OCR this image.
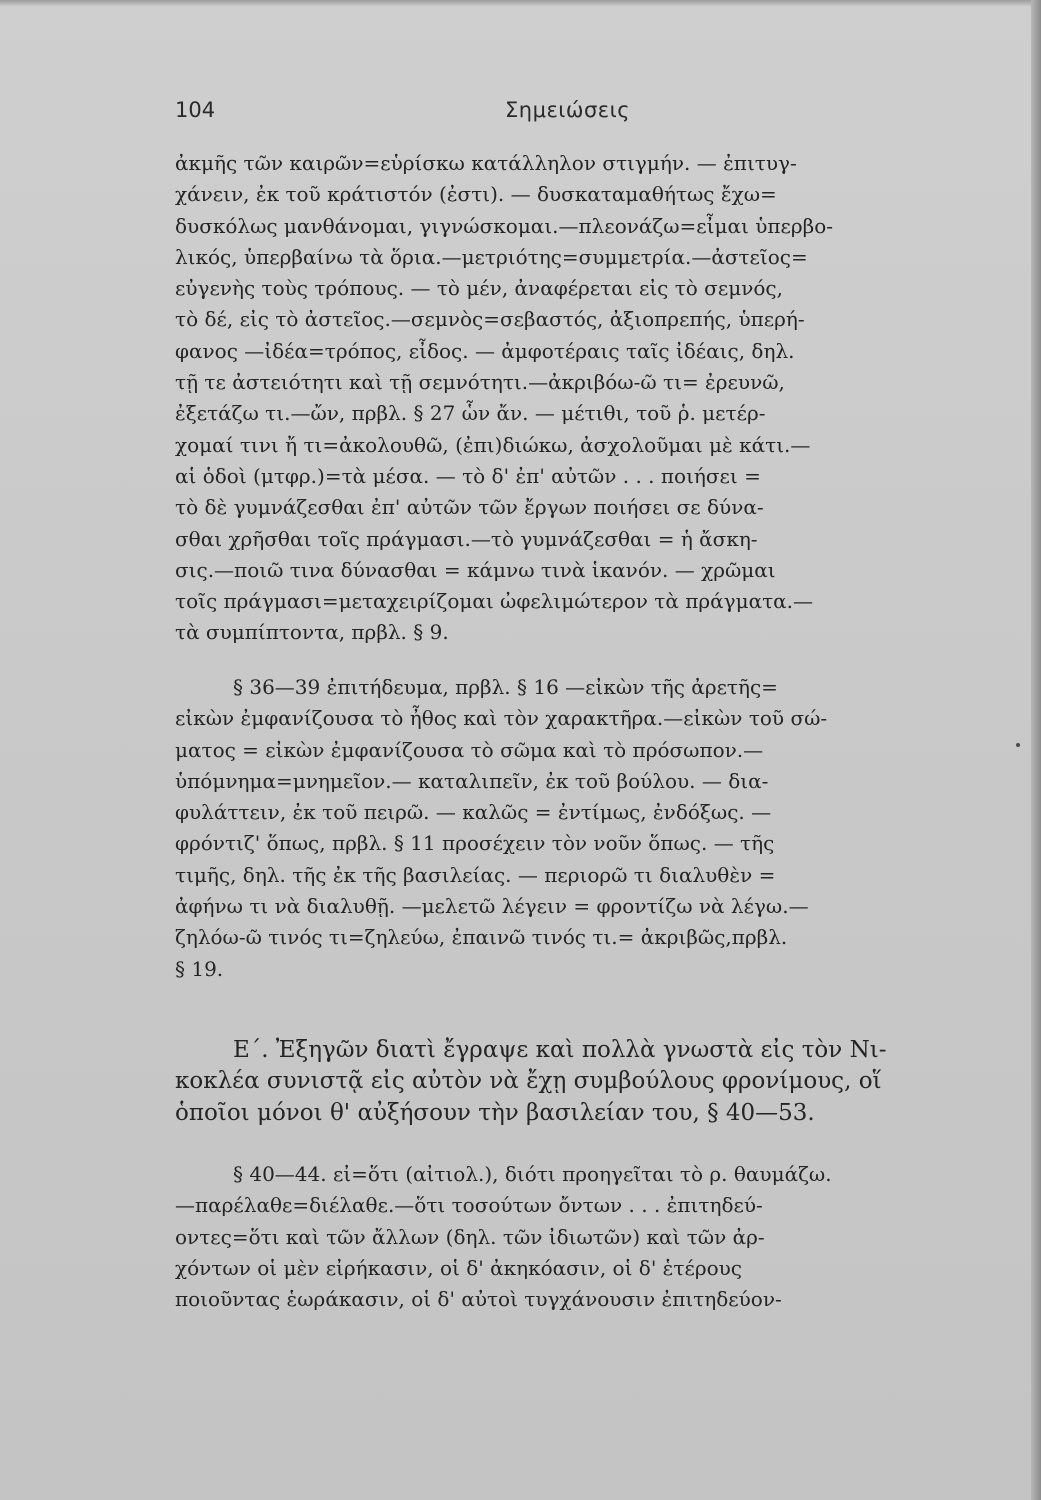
104	Σημειώσεις
ἀκμῆς τῶν καιρῶν=εὑρίσκω κατάλληλον στιγμήν. — ἐπιτυγ-
χάνειν, ἐκ τοῦ κράτιστόν (ἐστι). — δυσκαταμαθήτως ἔχω=
δυσκόλως μανθάνομαι, γιγνώσκομαι.—πλεονάζω=εἶμαι ὑπερβο-
λικός, ὑπερβαίνω τὰ ὅρια.—μετριότης=συμμετρία.—ἀστεῖος=
εὐγενὴς τοὺς τρόπους. — τὸ μέν, ἀναφέρεται εἰς τὸ σεμνός,
τὸ δέ, εἰς τὸ ἀστεῖος.—σεμνὸς=σεβαστός, ἀξιοπρεπής, ὑπερή-
φανος —ἰδέα=τρόπος, εἶδος. — ἀμφοτέραις ταῖς ἰδέαις, δηλ.
τῇ τε ἀστειότητι καὶ τῇ σεμνότητι.—ἀκριβόω-ῶ τι= ἐρευνῶ,
ἐξετάζω τι.—ὤν, πρβλ. § 27 ὧν ἄν. — μέτιθι, τοῦ ῥ. μετέρ-
χομαί τινι ἤ τι=ἀκολουθῶ, (ἐπι)διώκω, ἀσχολοῦμαι μὲ κάτι.—
αἱ ὁδοὶ (μτφρ.)=τὰ μέσα. — τὸ δ' ἐπ' αὐτῶν . . . ποιήσει =
τὸ δὲ γυμνάζεσθαι ἐπ' αὐτῶν τῶν ἔργων ποιήσει σε δύνα-
σθαι χρῆσθαι τοῖς πράγμασι.—τὸ γυμνάζεσθαι = ἡ ἄσκη-
σις.—ποιῶ τινα δύνασθαι = κάμνω τινὰ ἱκανόν. — χρῶμαι
τοῖς πράγμασι=μεταχειρίζομαι ὠφελιμώτερον τὰ πράγματα.—
τὰ συμπίπτοντα, πρβλ. § 9.
§ 36—39 ἐπιτήδευμα, πρβλ. § 16 —εἰκὼν τῆς ἀρετῆς=
εἰκὼν ἐμφανίζουσα τὸ ἦθος καὶ τὸν χαρακτῆρα.—εἰκὼν τοῦ σώ-
ματος = εἰκὼν ἐμφανίζουσα τὸ σῶμα καὶ τὸ πρόσωπον.—
ὑπόμνημα=μνημεῖον.— καταλιπεῖν, ἐκ τοῦ βούλου. — δια-
φυλάττειν, ἐκ τοῦ πειρῶ. — καλῶς = ἐντίμως, ἐνδόξως. —
φρόντιζ' ὅπως, πρβλ. § 11 προσέχειν τὸν νοῦν ὅπως. — τῆς
τιμῆς, δηλ. τῆς ἐκ τῆς βασιλείας. — περιορῶ τι διαλυθὲν =
ἀφήνω τι νὰ διαλυθῇ. —μελετῶ λέγειν = φροντίζω νὰ λέγω.—
ζηλόω-ῶ τινός τι=ζηλεύω, ἐπαινῶ τινός τι.= ἀκριβῶς,πρβλ.
§ 19.
Ε΄. Ἐξηγῶν διατὶ ἔγραψε καὶ πολλὰ γνωστὰ εἰς τὸν Νι-
κοκλέα συνιστᾷ εἰς αὐτὸν νὰ ἔχῃ συμβούλους φρονίμους, οἵ
ὁποῖοι μόνοι θ' αὐξήσουν τὴν βασιλείαν του, § 40—53.
§ 40—44. εἰ=ὅτι (αἰτιολ.), διότι προηγεῖται τὸ ρ. θαυμάζω.
—παρέλαθε=διέλαθε.—ὅτι τοσούτων ὄντων . . . ἐπιτηδεύ-
οντες=ὅτι καὶ τῶν ἄλλων (δηλ. τῶν ἰδιωτῶν) καὶ τῶν ἀρ-
χόντων οἱ μὲν εἰρήκασιν, οἱ δ' ἀκηκόασιν, οἱ δ' ἑτέρους
ποιοῦντας ἑωράκασιν, οἱ δ' αὐτοὶ τυγχάνουσιν ἐπιτηδεύον-
